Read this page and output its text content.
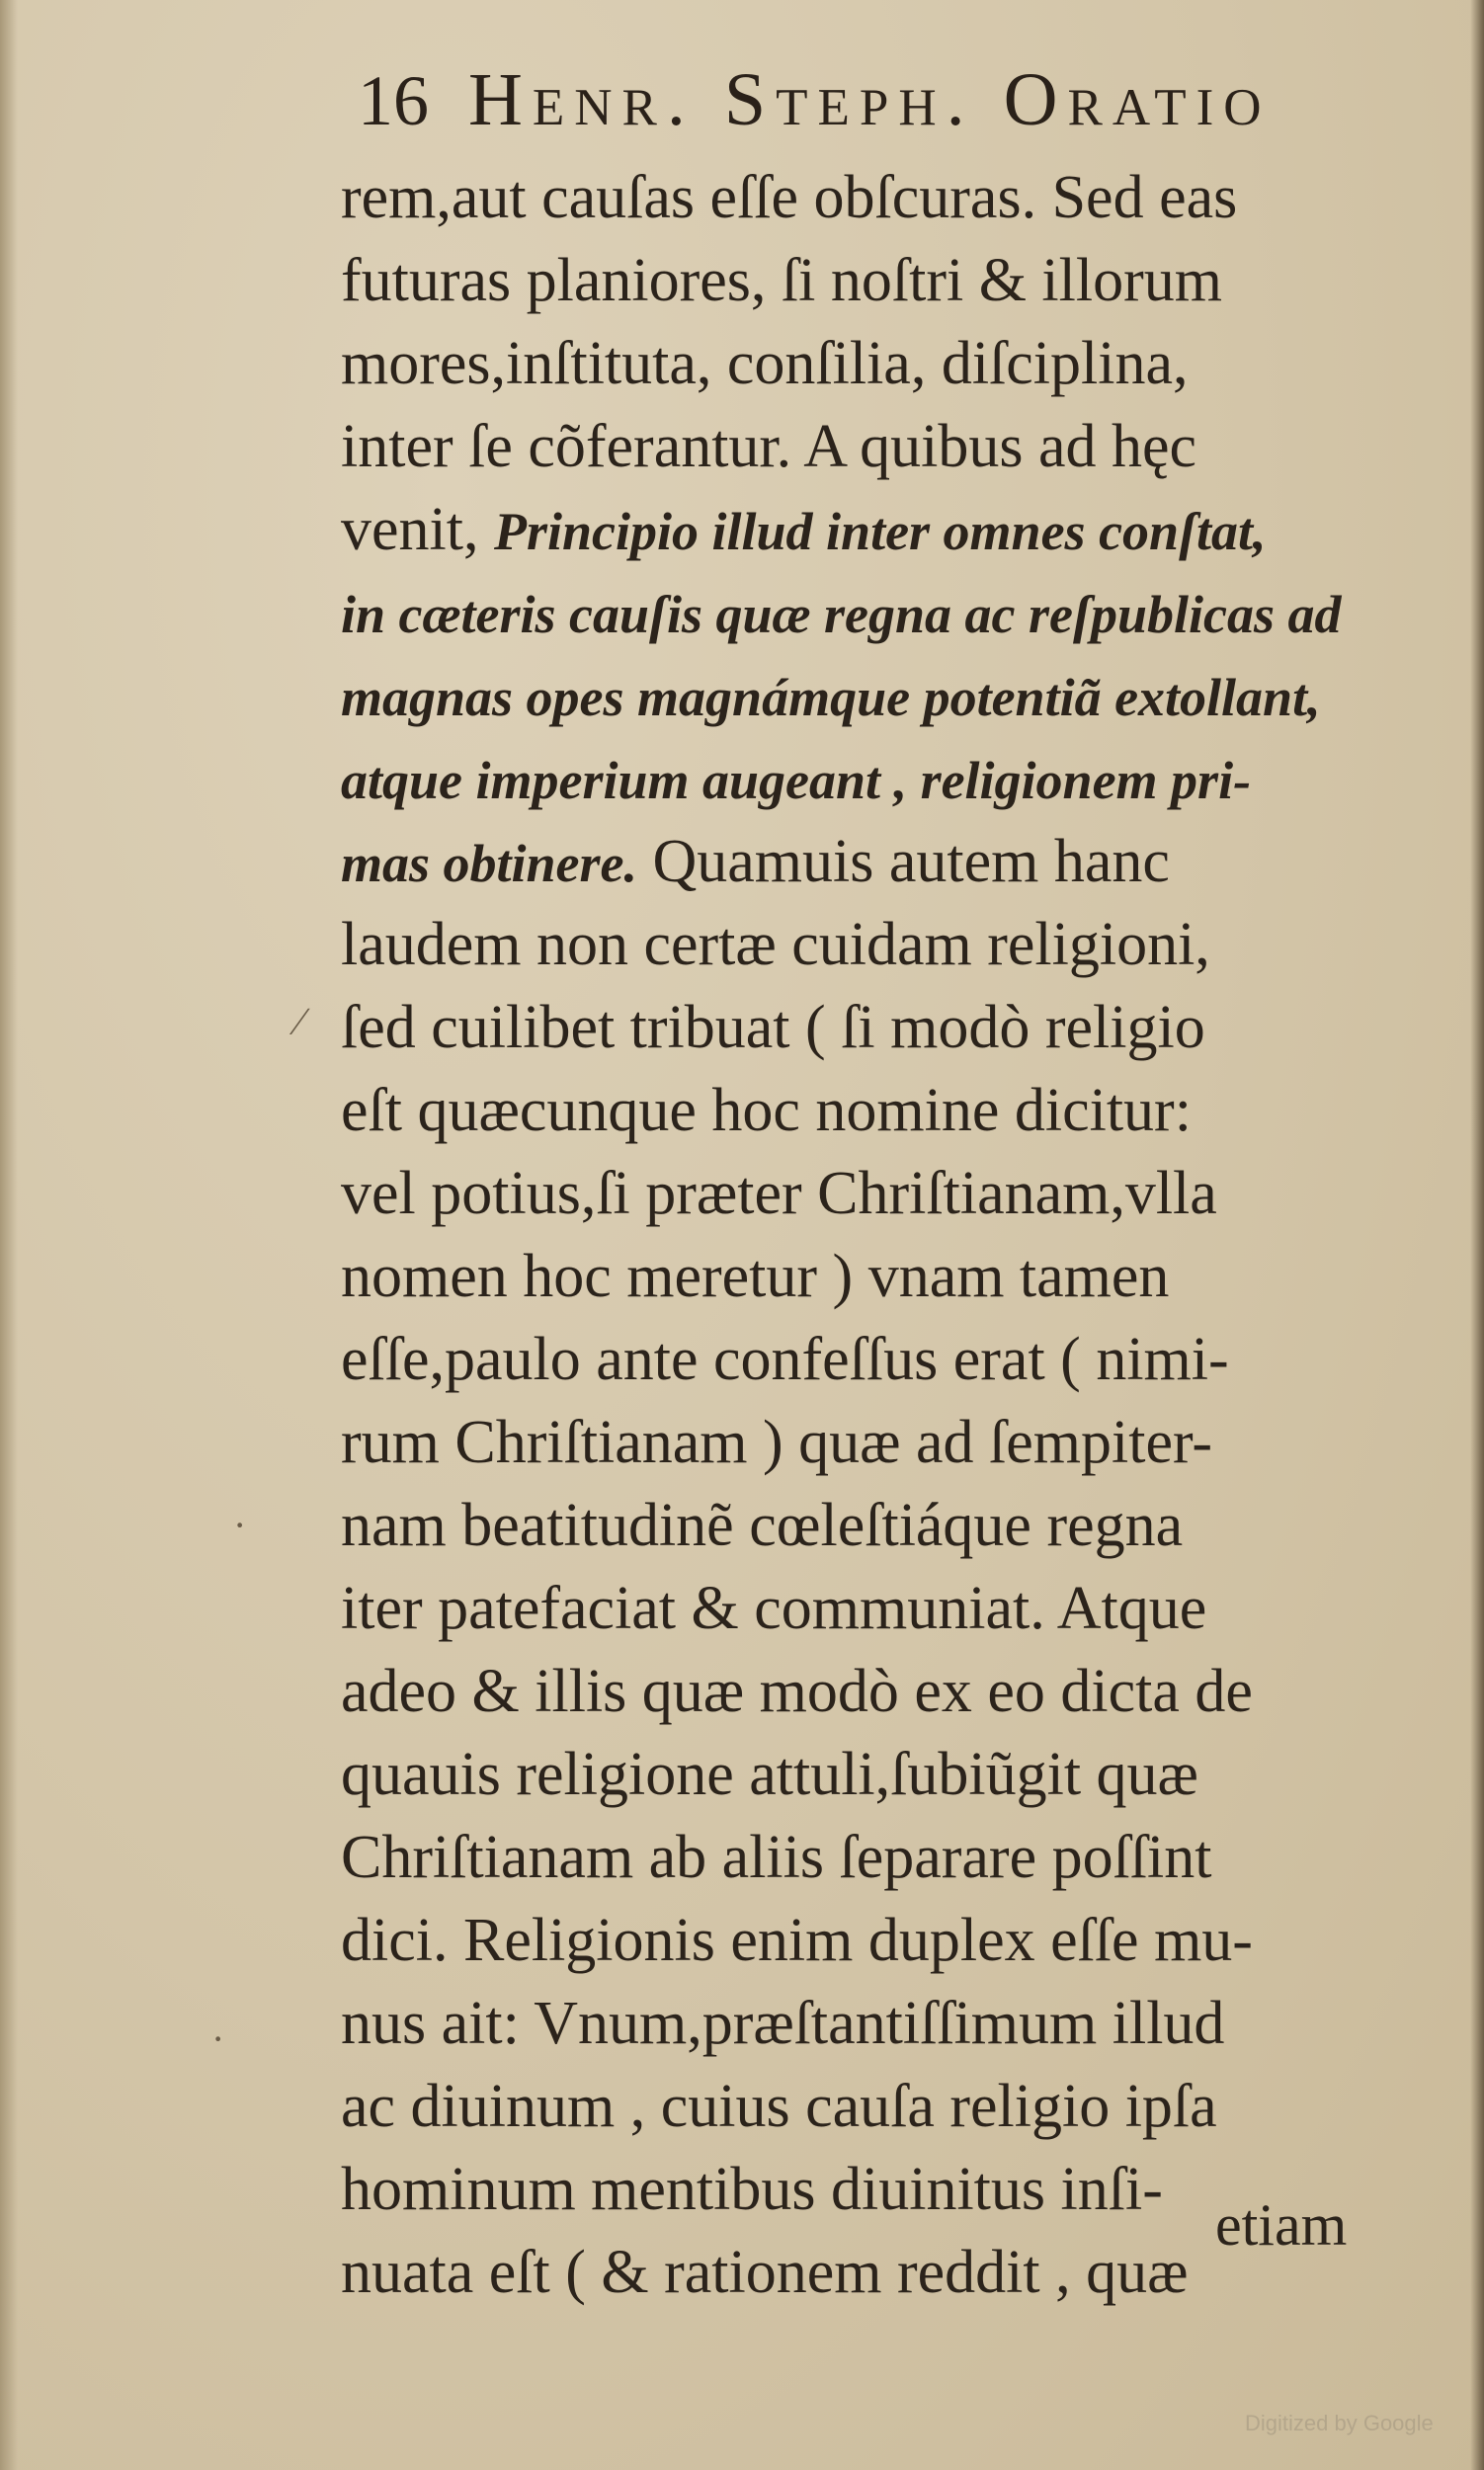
16 Henr. Steph. Oratio
rem,aut cauſas eſſe obſcuras. Sed eas
futuras planiores, ſi noſtri & illorum
mores,inſtituta, conſilia, diſciplina,
inter ſe cõferantur. A quibus ad hęc
venit, Principio illud inter omnes conſtat,
in cæteris cauſis quæ regna ac reſpublicas ad
magnas opes magnámque potentiã extollant,
atque imperium augeant , religionem pri-
mas obtinere. Quamuis autem hanc
laudem non certæ cuidam religioni,
ſed cuilibet tribuat ( ſi modò religio
eſt quæcunque hoc nomine dicitur:
vel potius,ſi præter Chriſtianam,vlla
nomen hoc meretur ) vnam tamen
eſſe,paulo ante confeſſus erat ( nimi-
rum Chriſtianam ) quæ ad ſempiter-
nam beatitudinẽ cœleſtiáque regna
iter patefaciat & communiat. Atque
adeo & illis quæ modò ex eo dicta de
quauis religione attuli,ſubiũgit quæ
Chriſtianam ab aliis ſeparare poſſint
dici. Religionis enim duplex eſſe mu-
nus ait: Vnum,præſtantiſſimum illud
ac diuinum , cuius cauſa religio ipſa
hominum mentibus diuinitus inſi-
nuata eſt ( & rationem reddit , quæ
etiam
∕
·
·
Digitized by Google
